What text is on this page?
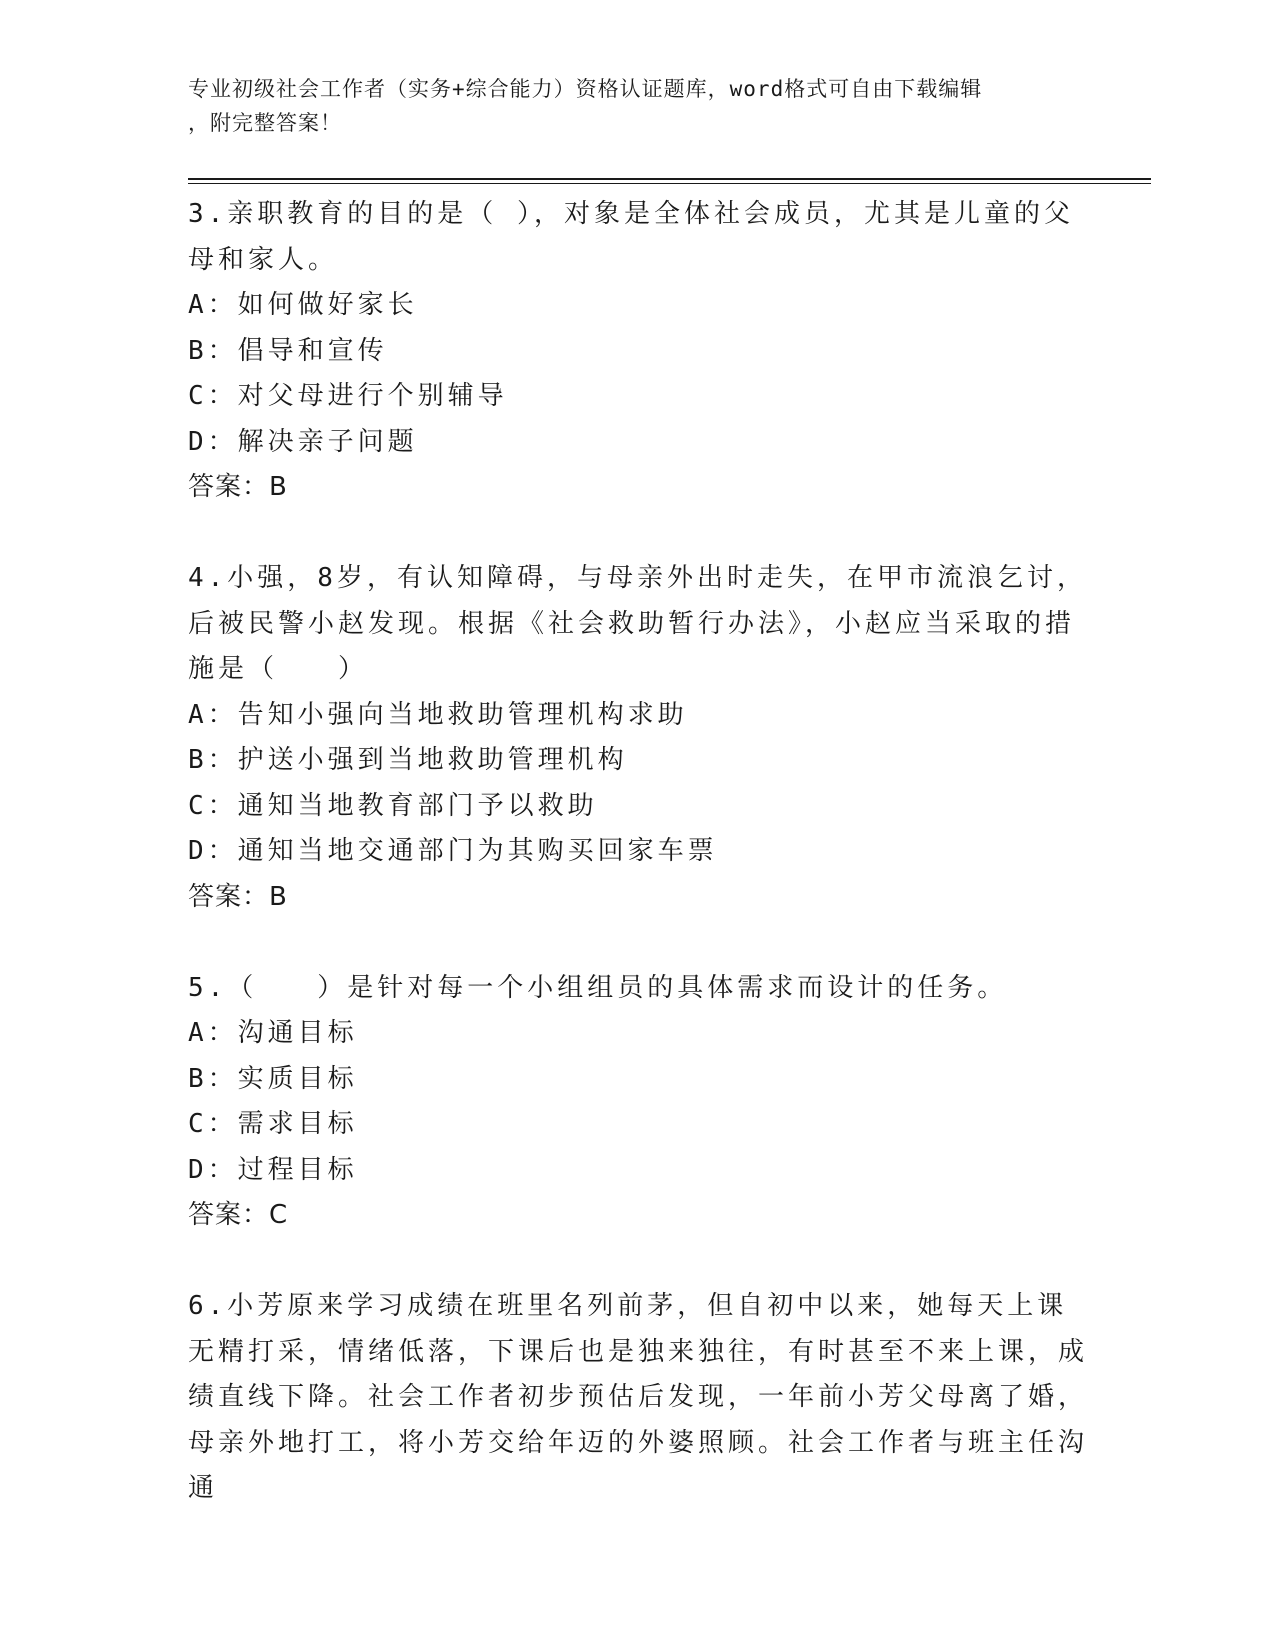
专业初级社会工作者（实务+综合能力）资格认证题库，word格式可自由下载编辑
，附完整答案！
3.亲职教育的目的是（ ），对象是全体社会成员，尤其是儿童的父母和家人。
A：如何做好家长
B：倡导和宣传
C：对父母进行个别辅导
D：解决亲子问题
答案：B
4.小强，8岁，有认知障碍，与母亲外出时走失，在甲市流浪乞讨，后被民警小赵发现。根据《社会救助暂行办法》，小赵应当采取的措施是（　　）
A：告知小强向当地救助管理机构求助
B：护送小强到当地救助管理机构
C：通知当地教育部门予以救助
D：通知当地交通部门为其购买回家车票
答案：B
5.（　　）是针对每一个小组组员的具体需求而设计的任务。
A：沟通目标
B：实质目标
C：需求目标
D：过程目标
答案：C
6.小芳原来学习成绩在班里名列前茅，但自初中以来，她每天上课无精打采，情绪低落，下课后也是独来独往，有时甚至不来上课，成绩直线下降。社会工作者初步预估后发现，一年前小芳父母离了婚，母亲外地打工，将小芳交给年迈的外婆照顾。社会工作者与班主任沟通
